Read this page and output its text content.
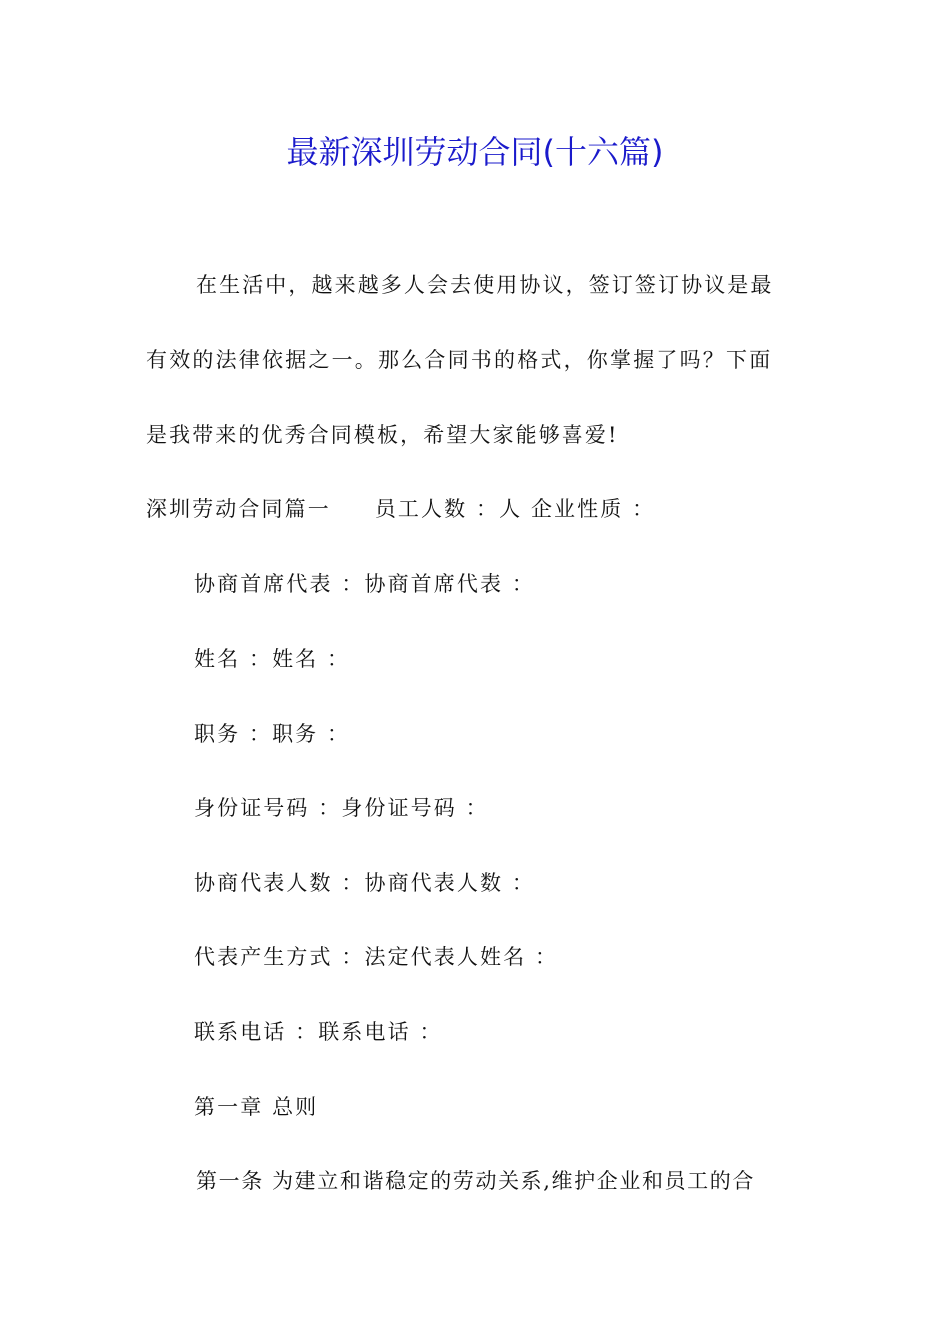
最新深圳劳动合同(十六篇)
在生活中，越来越多人会去使用协议，签订签订协议是最
有效的法律依据之一。那么合同书的格式，你掌握了吗？下面
是我带来的优秀合同模板，希望大家能够喜爱!
深圳劳动合同篇一 员工人数 ：人 企业性质 ：
协商首席代表 ：协商首席代表 ：
姓名 ：姓名 ：
职务 ：职务 ：
身份证号码 ：身份证号码 ：
协商代表人数 ：协商代表人数 ：
代表产生方式 ：法定代表人姓名 ：
联系电话 ：联系电话 ：
第一章 总则
第一条 为建立和谐稳定的劳动关系,维护企业和员工的合
